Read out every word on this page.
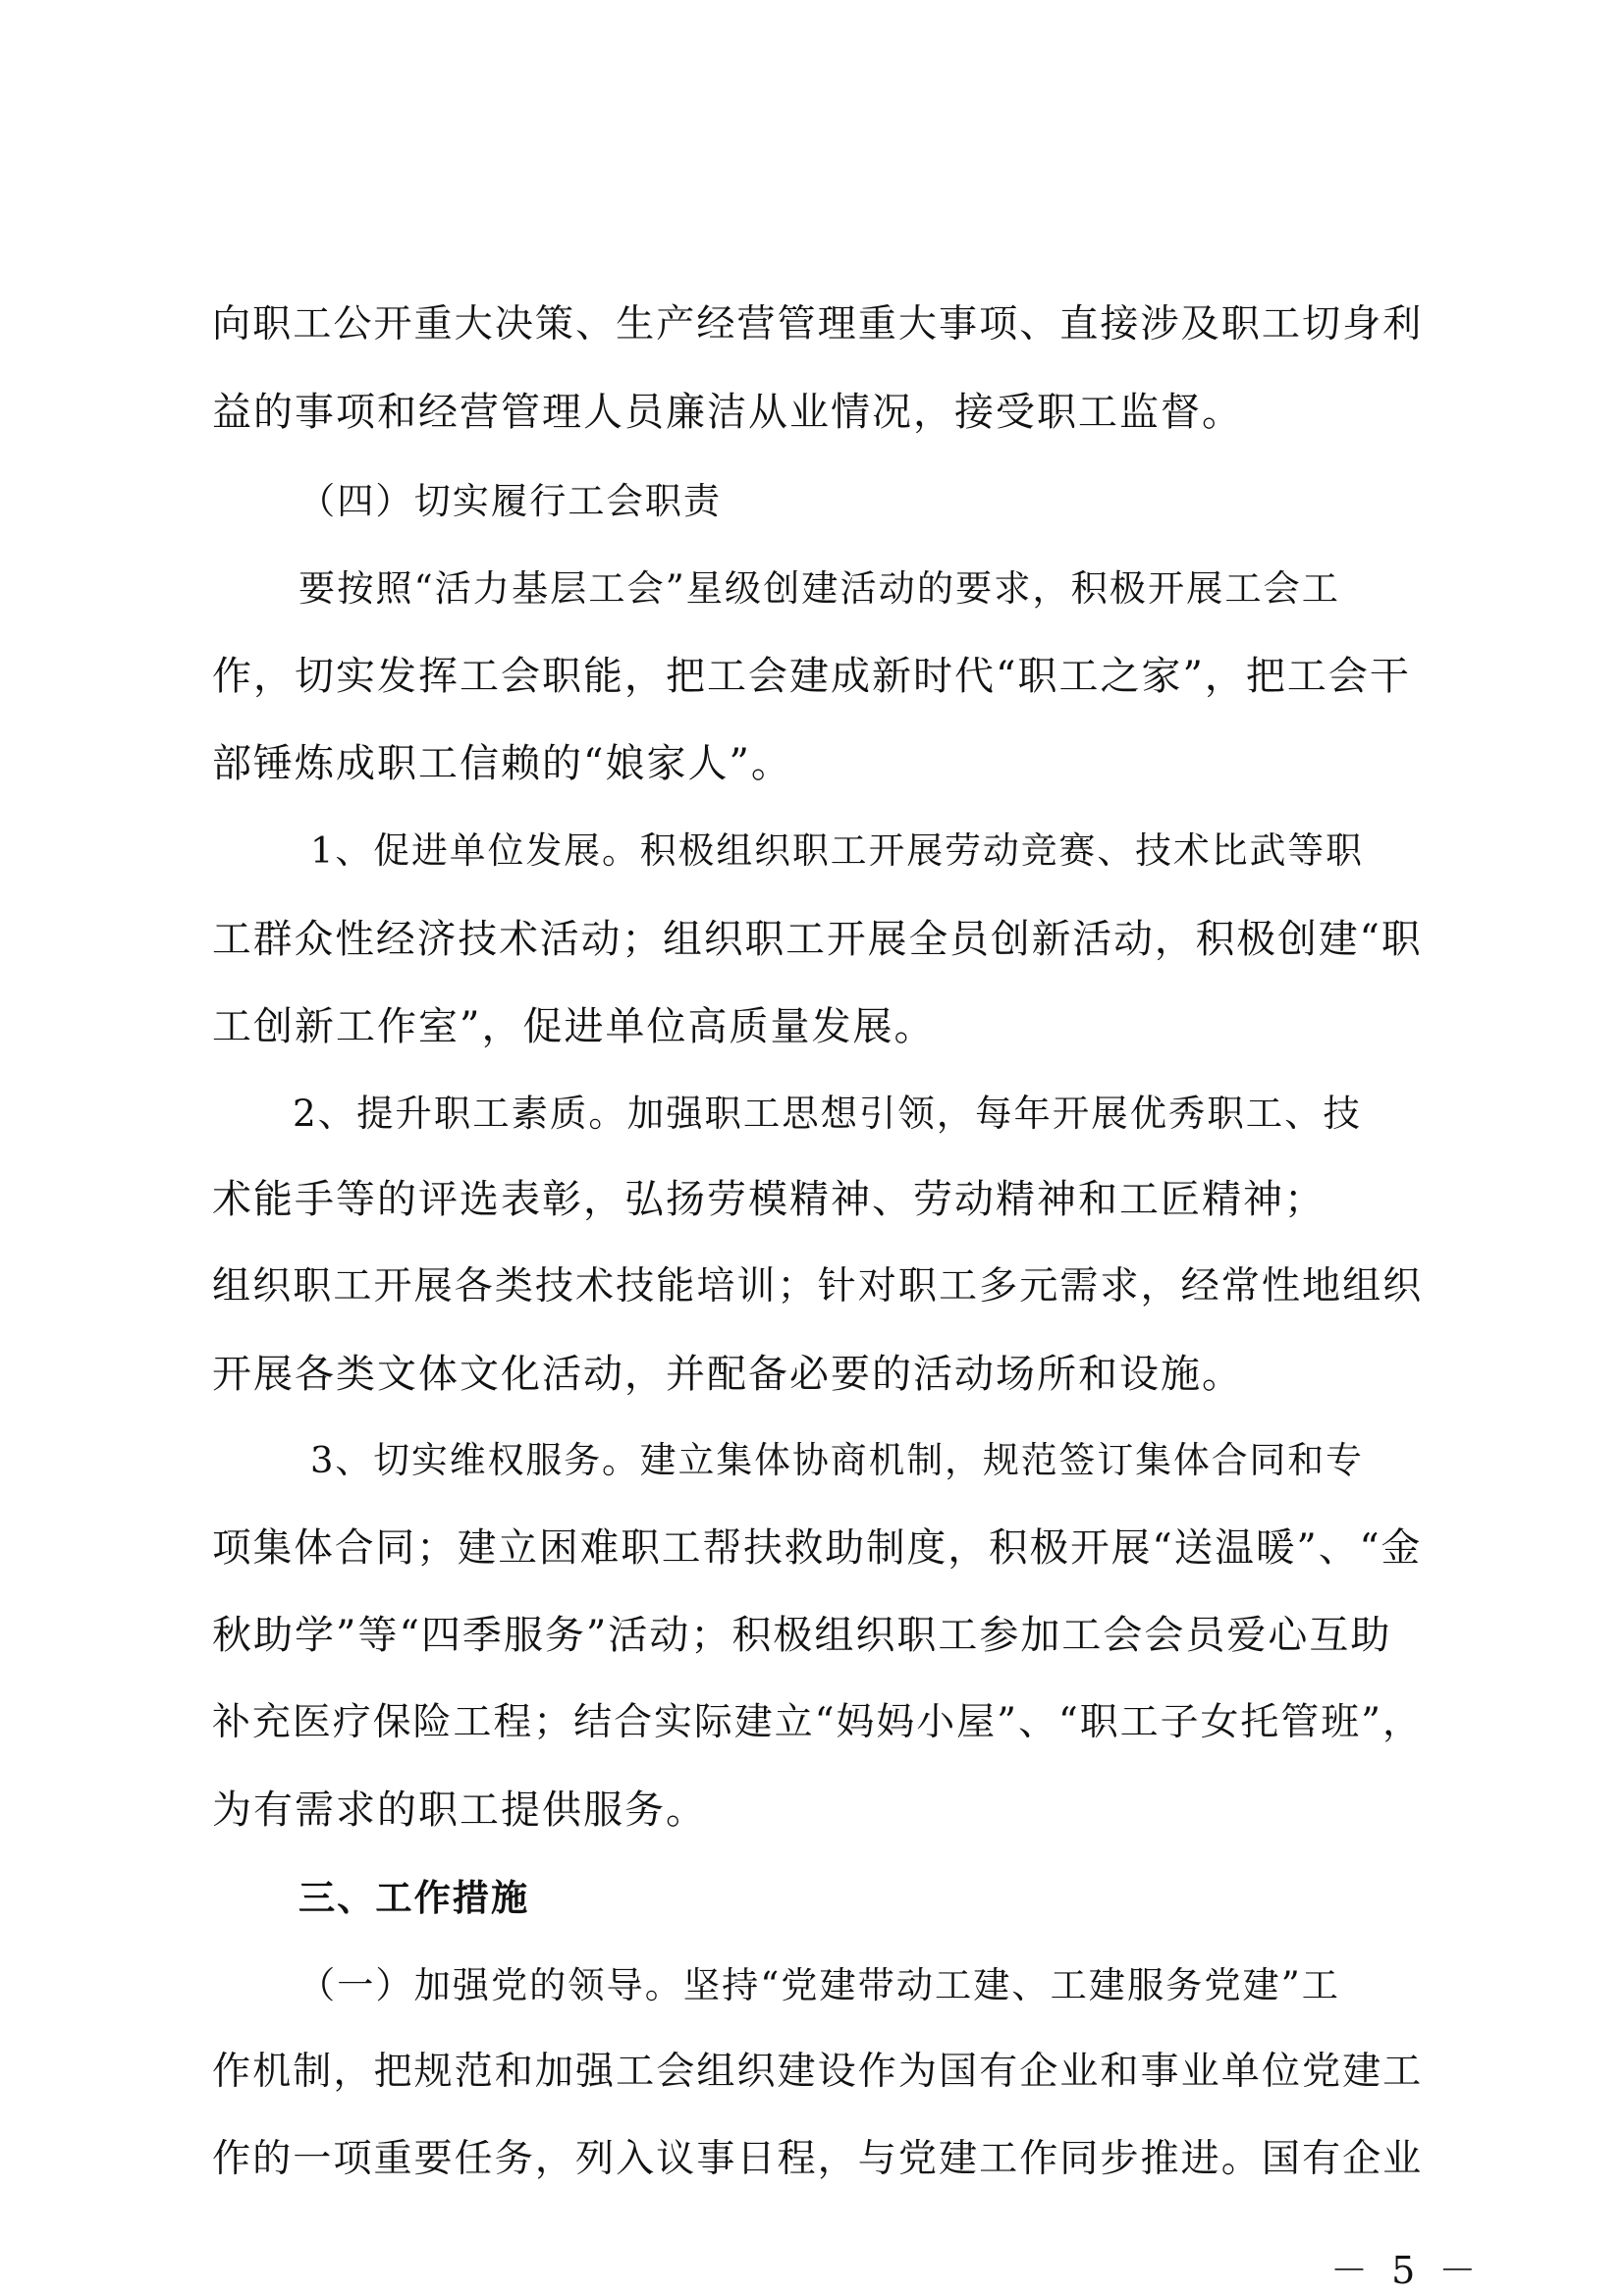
向职工公开重大决策、生产经营管理重大事项、直接涉及职工切身利
益的事项和经营管理人员廉洁从业情况，接受职工监督。
（四）切实履行工会职责
要按照“活力基层工会”星级创建活动的要求，积极开展工会工
作，切实发挥工会职能，把工会建成新时代“职工之家”，把工会干
部锤炼成职工信赖的“娘家人”。
1、促进单位发展。积极组织职工开展劳动竞赛、技术比武等职
工群众性经济技术活动；组织职工开展全员创新活动，积极创建“职
工创新工作室”，促进单位高质量发展。
2、提升职工素质。加强职工思想引领，每年开展优秀职工、技
术能手等的评选表彰，弘扬劳模精神、劳动精神和工匠精神；
组织职工开展各类技术技能培训；针对职工多元需求，经常性地组织
开展各类文体文化活动，并配备必要的活动场所和设施。
3、切实维权服务。建立集体协商机制，规范签订集体合同和专
项集体合同；建立困难职工帮扶救助制度，积极开展“送温暖”、“金
秋助学”等“四季服务”活动；积极组织职工参加工会会员爱心互助
补充医疗保险工程；结合实际建立“妈妈小屋”、“职工子女托管班”，
为有需求的职工提供服务。
三、工作措施
（一）加强党的领导。坚持“党建带动工建、工建服务党建”工
作机制，把规范和加强工会组织建设作为国有企业和事业单位党建工
作的一项重要任务，列入议事日程，与党建工作同步推进。国有企业
－ 5 －
